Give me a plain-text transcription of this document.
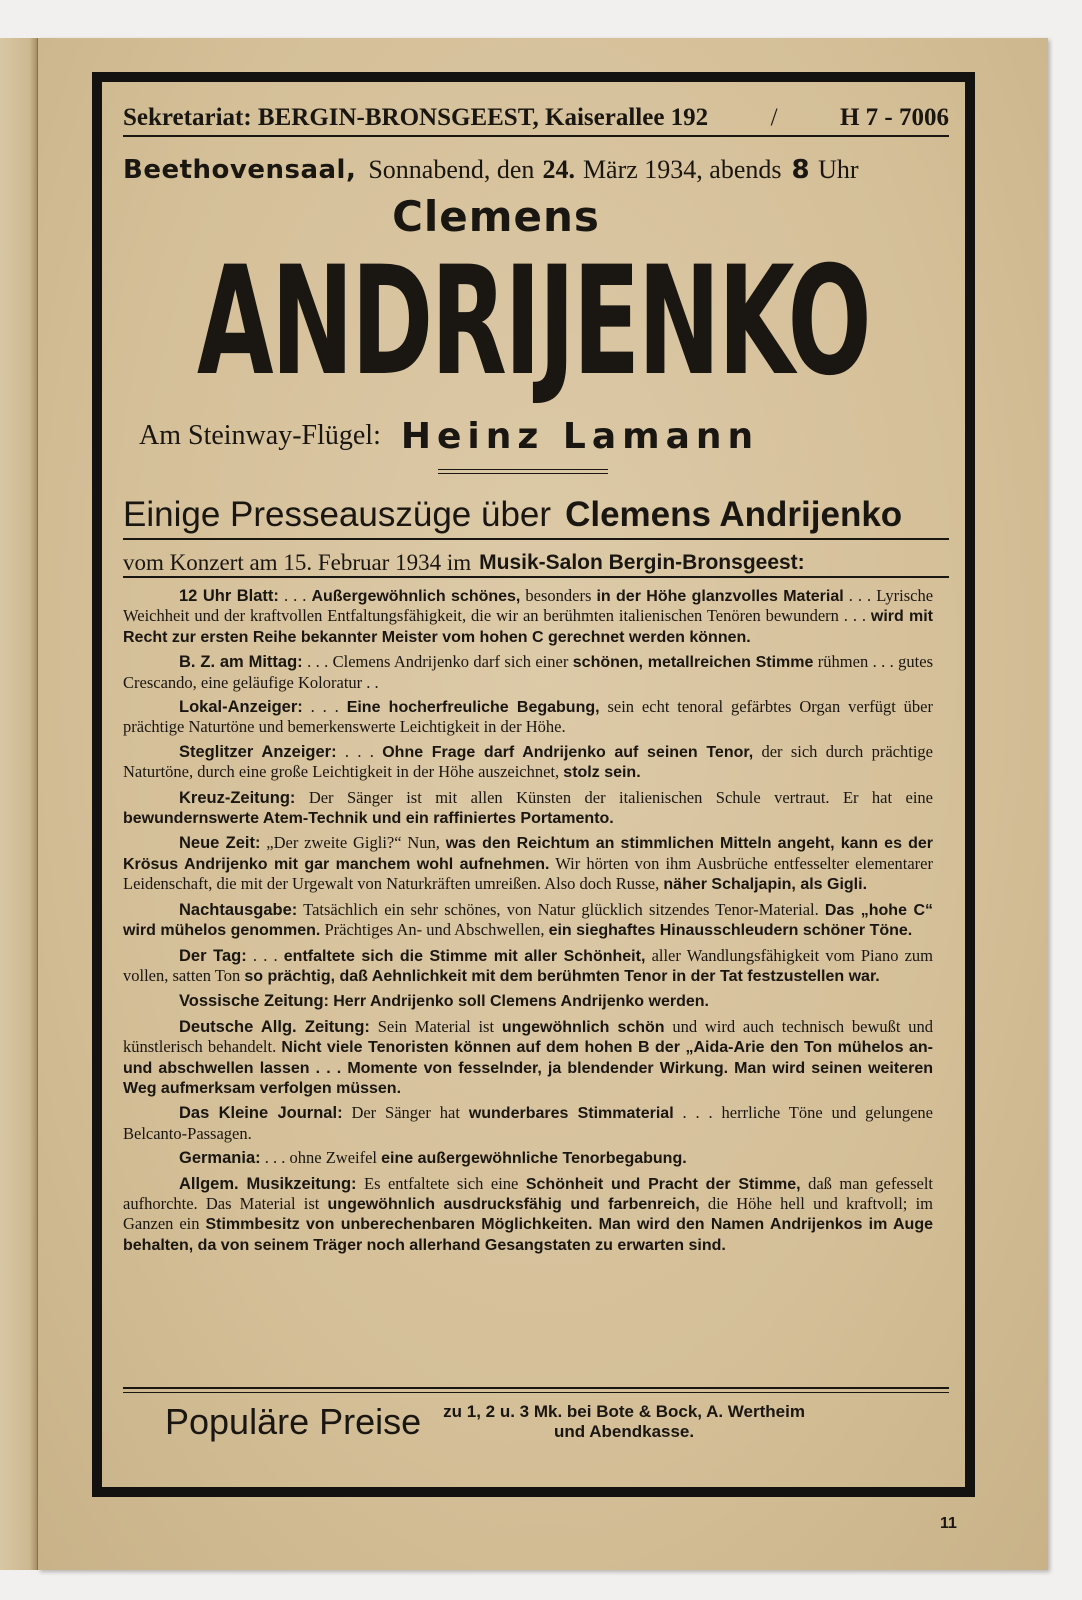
Sekretariat: BERGIN-BRONSGEEST, Kaiserallee 192	/	H 7 - 7006
Beethovensaal, Sonnabend, den 24. März 1934, abends 8 Uhr
Clemens
ANDRIJENKO
Am Steinway-Flügel: Heinz Lamann
Einige Presseauszüge über Clemens Andrijenko
vom Konzert am 15. Februar 1934 im Musik-Salon Bergin-Bronsgeest:

12 Uhr Blatt: . . . Außergewöhnlich schönes, besonders in der Höhe glanzvolles Material . . . Lyrische Weichheit und der kraftvollen Entfaltungsfähigkeit, die wir an berühmten italienischen Tenören bewundern . . . wird mit Recht zur ersten Reihe bekannter Meister vom hohen C gerechnet werden können.

B. Z. am Mittag: . . . Clemens Andrijenko darf sich einer schönen, metallreichen Stimme rühmen . . . gutes Crescando, eine geläufige Koloratur . .

Lokal-Anzeiger: . . . Eine hocherfreuliche Begabung, sein echt tenoral gefärbtes Organ verfügt über prächtige Naturtöne und bemerkenswerte Leichtigkeit in der Höhe.

Steglitzer Anzeiger: . . . Ohne Frage darf Andrijenko auf seinen Tenor, der sich durch prächtige Naturtöne, durch eine große Leichtigkeit in der Höhe auszeichnet, stolz sein.

Kreuz-Zeitung: Der Sänger ist mit allen Künsten der italienischen Schule vertraut. Er hat eine bewundernswerte Atem-Technik und ein raffiniertes Portamento.

Neue Zeit: „Der zweite Gigli?“ Nun, was den Reichtum an stimmlichen Mitteln angeht, kann es der Krösus Andrijenko mit gar manchem wohl aufnehmen. Wir hörten von ihm Ausbrüche entfesselter elementarer Leidenschaft, die mit der Urgewalt von Naturkräften umreißen. Also doch Russe, näher Schaljapin, als Gigli.

Nachtausgabe: Tatsächlich ein sehr schönes, von Natur glücklich sitzendes Tenor-Material. Das „hohe C“ wird mühelos genommen. Prächtiges An- und Abschwellen, ein sieghaftes Hinausschleudern schöner Töne.

Der Tag: . . . entfaltete sich die Stimme mit aller Schönheit, aller Wandlungsfähigkeit vom Piano zum vollen, satten Ton so prächtig, daß Aehnlichkeit mit dem berühmten Tenor in der Tat festzustellen war.

Vossische Zeitung: Herr Andrijenko soll Clemens Andrijenko werden.

Deutsche Allg. Zeitung: Sein Material ist ungewöhnlich schön und wird auch technisch bewußt und künstlerisch behandelt. Nicht viele Tenoristen können auf dem hohen B der „Aida-Arie den Ton mühelos an- und abschwellen lassen . . . Momente von fesselnder, ja blendender Wirkung. Man wird seinen weiteren Weg aufmerksam verfolgen müssen.

Das Kleine Journal: Der Sänger hat wunderbares Stimmaterial . . . herrliche Töne und gelungene Belcanto-Passagen.

Germania: . . . ohne Zweifel eine außergewöhnliche Tenorbegabung.

Allgem. Musikzeitung: Es entfaltete sich eine Schönheit und Pracht der Stimme, daß man gefesselt aufhorchte. Das Material ist ungewöhnlich ausdrucksfähig und farbenreich, die Höhe hell und kraftvoll; im Ganzen ein Stimmbesitz von unberechenbaren Möglichkeiten. Man wird den Namen Andrijenkos im Auge behalten, da von seinem Träger noch allerhand Gesangstaten zu erwarten sind.

Populäre Preise zu 1, 2 u. 3 Mk. bei Bote & Bock, A. Wertheim
und Abendkasse.
11
